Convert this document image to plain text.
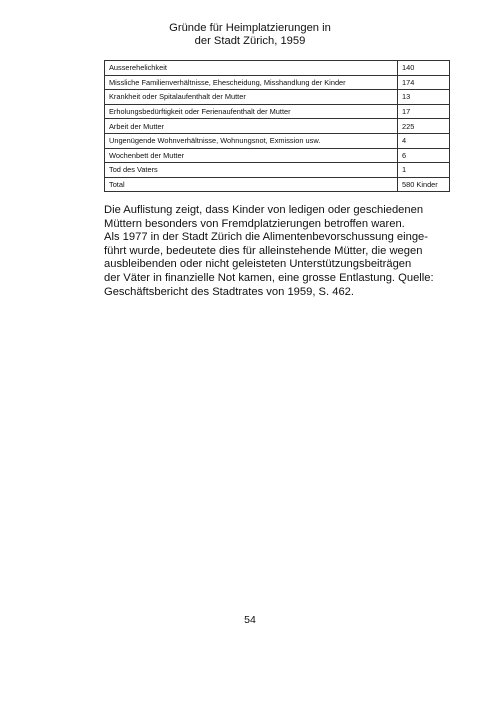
Gründe für Heimplatzierungen in
der Stadt Zürich, 1959
Ausserehelichkeit	140
Missliche Familienverhältnisse, Ehescheidung, Misshandlung der Kinder	174
Krankheit oder Spitalaufenthalt der Mutter	13
Erholungsbedürftigkeit oder Ferienaufenthalt der Mutter	17
Arbeit der Mutter	225
Ungenügende Wohnverhältnisse, Wohnungsnot, Exmission usw.	4
Wochenbett der Mutter	6
Tod des Vaters	1
Total	580 Kinder

Die Auflistung zeigt, dass Kinder von ledigen oder geschiedenen
Müttern besonders von Fremdplatzierungen betroffen waren.
Als 1977 in der Stadt Zürich die Alimentenbevorschussung einge-
führt wurde, bedeutete dies für alleinstehende Mütter, die wegen
ausbleibenden oder nicht geleisteten Unterstützungsbeiträgen
der Väter in finanzielle Not kamen, eine grosse Entlastung. Quelle:
Geschäftsbericht des Stadtrates von 1959, S. 462.

54
